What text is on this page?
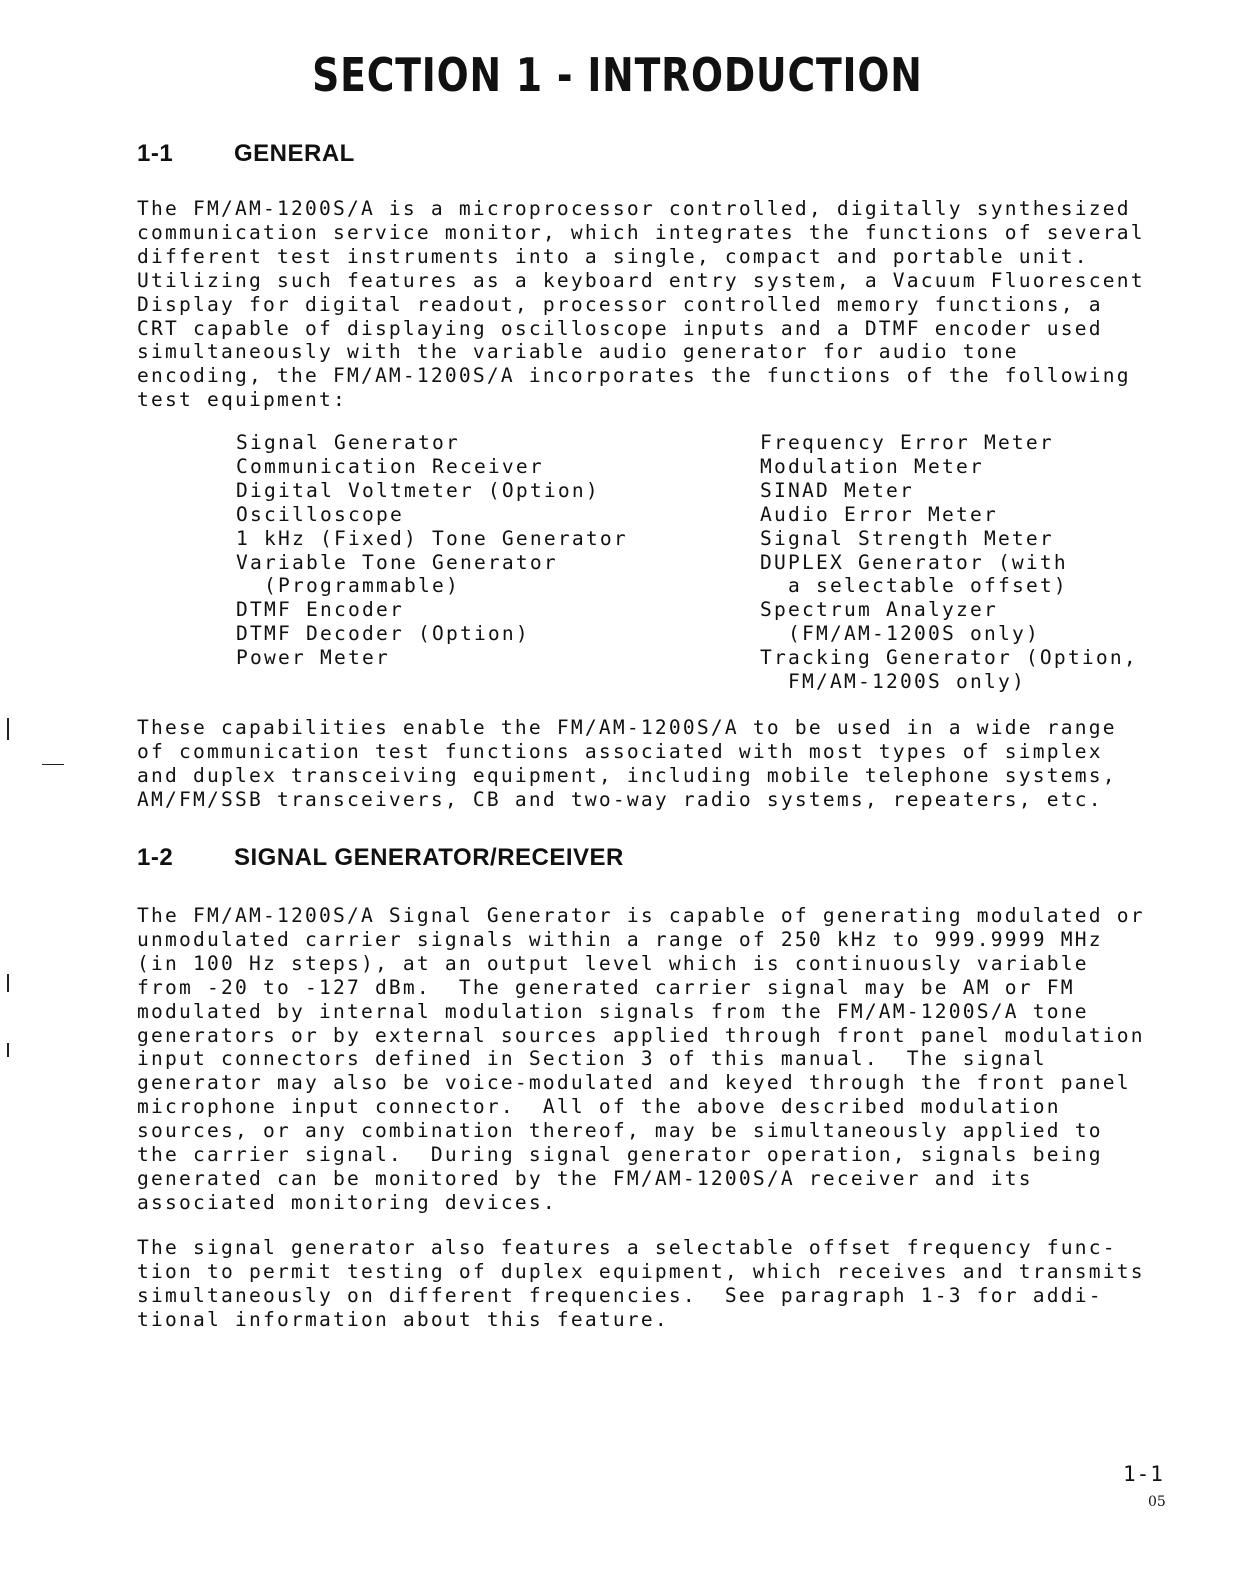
SECTION 1 - INTRODUCTION
1-1	GENERAL
The FM/AM-1200S/A is a microprocessor controlled, digitally synthesized
communication service monitor, which integrates the functions of several
different test instruments into a single, compact and portable unit.
Utilizing such features as a keyboard entry system, a Vacuum Fluorescent
Display for digital readout, processor controlled memory functions, a
CRT capable of displaying oscilloscope inputs and a DTMF encoder used
simultaneously with the variable audio generator for audio tone
encoding, the FM/AM-1200S/A incorporates the functions of the following
test equipment:
Signal Generator
Communication Receiver
Digital Voltmeter (Option)
Oscilloscope
1 kHz (Fixed) Tone Generator
Variable Tone Generator
(Programmable)
DTMF Encoder
DTMF Decoder (Option)
Power Meter
Frequency Error Meter
Modulation Meter
SINAD Meter
Audio Error Meter
Signal Strength Meter
DUPLEX Generator (with
a selectable offset)
Spectrum Analyzer
(FM/AM-1200S only)
Tracking Generator (Option,
FM/AM-1200S only)
These capabilities enable the FM/AM-1200S/A to be used in a wide range
of communication test functions associated with most types of simplex
and duplex transceiving equipment, including mobile telephone systems,
AM/FM/SSB transceivers, CB and two-way radio systems, repeaters, etc.
1-2	SIGNAL GENERATOR/RECEIVER
The FM/AM-1200S/A Signal Generator is capable of generating modulated or
unmodulated carrier signals within a range of 250 kHz to 999.9999 MHz
(in 100 Hz steps), at an output level which is continuously variable
from -20 to -127 dBm.  The generated carrier signal may be AM or FM
modulated by internal modulation signals from the FM/AM-1200S/A tone
generators or by external sources applied through front panel modulation
input connectors defined in Section 3 of this manual.  The signal
generator may also be voice-modulated and keyed through the front panel
microphone input connector.  All of the above described modulation
sources, or any combination thereof, may be simultaneously applied to
the carrier signal.  During signal generator operation, signals being
generated can be monitored by the FM/AM-1200S/A receiver and its
associated monitoring devices.
The signal generator also features a selectable offset frequency func-
tion to permit testing of duplex equipment, which receives and transmits
simultaneously on different frequencies.  See paragraph 1-3 for addi-
tional information about this feature.
1-1
05
